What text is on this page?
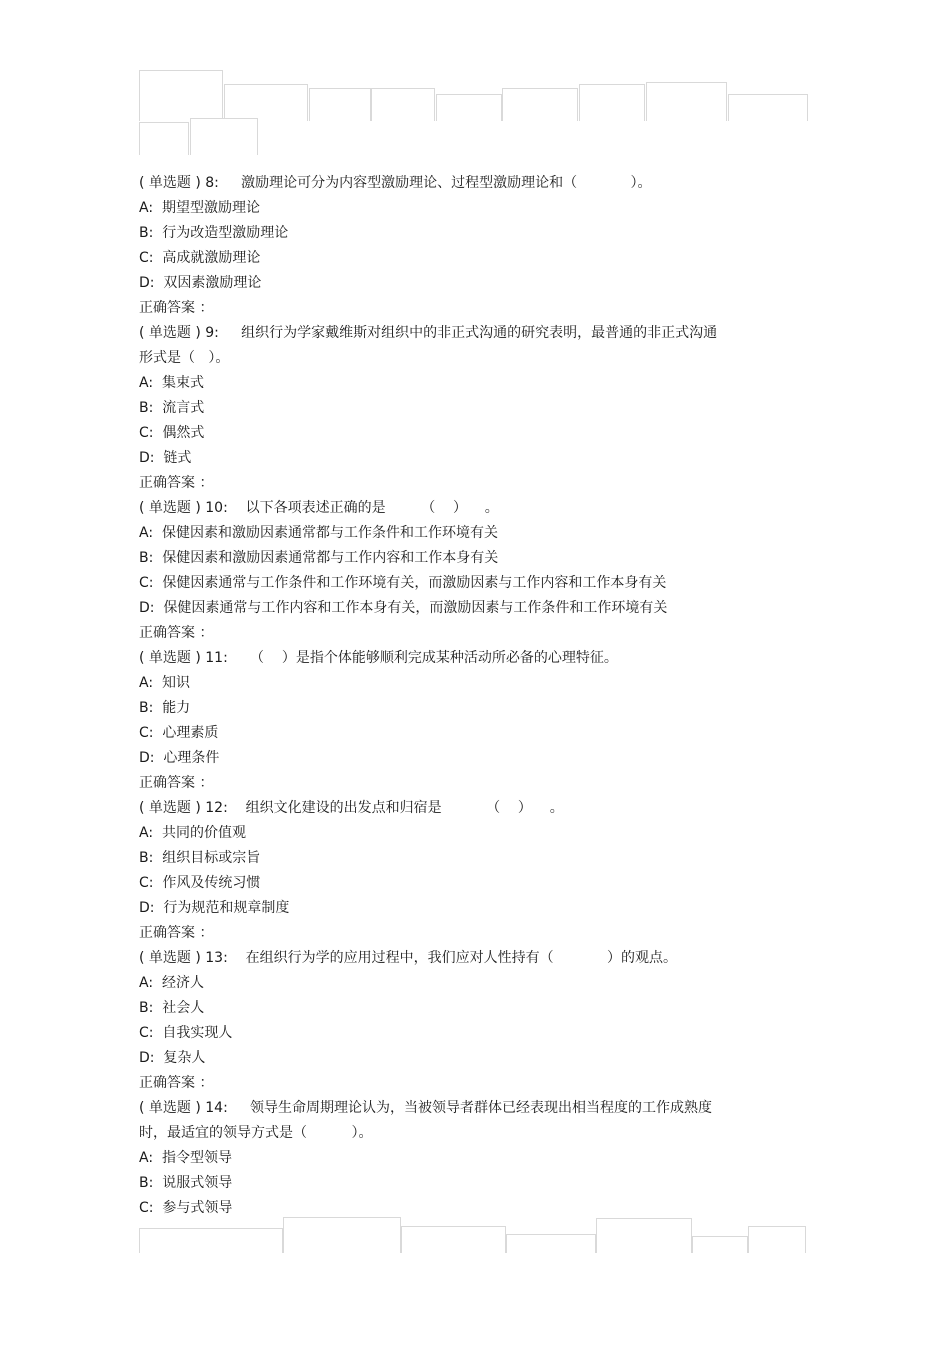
( 单选题 ) 8:     激励理论可分为内容型激励理论、过程型激励理论和（            ）。
A:  期望型激励理论
B:  行为改造型激励理论
C:  高成就激励理论
D:  双因素激励理论
正确答案 ：
( 单选题 ) 9:     组织行为学家戴维斯对组织中的非正式沟通的研究表明，最普通的非正式沟通
形式是（   ）。
A:  集束式
B:  流言式
C:  偶然式
D:  链式
正确答案 ：
( 单选题 ) 10:    以下各项表述正确的是        （    ）    。
A:  保健因素和激励因素通常都与工作条件和工作环境有关
B:  保健因素和激励因素通常都与工作内容和工作本身有关
C:  保健因素通常与工作条件和工作环境有关，而激励因素与工作内容和工作本身有关
D:  保健因素通常与工作内容和工作本身有关，而激励因素与工作条件和工作环境有关
正确答案 ：
( 单选题 ) 11:     （    ）是指个体能够顺利完成某种活动所必备的心理特征。
A:  知识
B:  能力
C:  心理素质
D:  心理条件
正确答案 ：
( 单选题 ) 12:    组织文化建设的出发点和归宿是          （    ）    。
A:  共同的价值观
B:  组织目标或宗旨
C:  作风及传统习惯
D:  行为规范和规章制度
正确答案 ：
( 单选题 ) 13:    在组织行为学的应用过程中，我们应对人性持有（            ）的观点。
A:  经济人
B:  社会人
C:  自我实现人
D:  复杂人
正确答案 ：
( 单选题 ) 14:     领导生命周期理论认为，当被领导者群体已经表现出相当程度的工作成熟度
时，最适宜的领导方式是（          ）。
A:  指令型领导
B:  说服式领导
C:  参与式领导
